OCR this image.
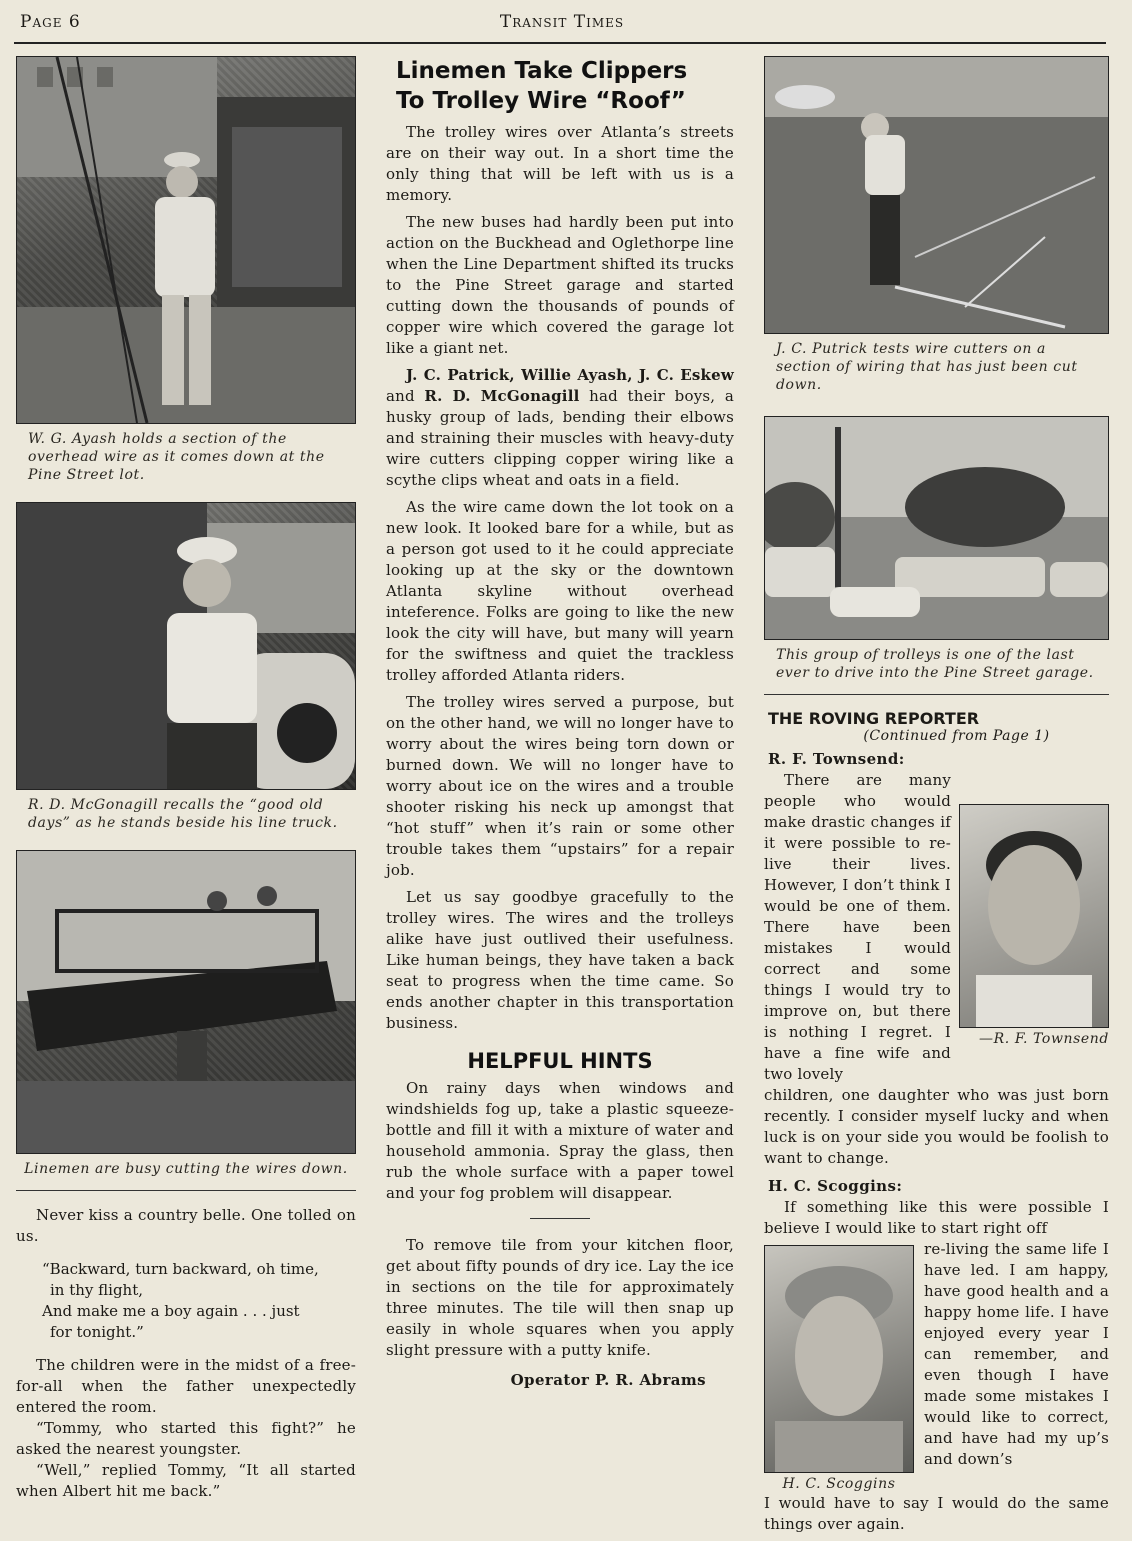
Page 6	Transit Times
W. G. Ayash holds a section of the overhead wire as it comes down at the Pine Street lot.
R. D. McGonagill recalls the “good old days” as he stands beside his line truck.
Linemen are busy cutting the wires down.

Never kiss a country belle. One tolled on us.

“Backward, turn backward, oh time,
in thy flight,
And make me a boy again . . . just
for tonight.”

The children were in the midst of a free-for-all when the father unexpectedly entered the room.

“Tommy, who started this fight?” he asked the nearest youngster.

“Well,” replied Tommy, “It all started when Albert hit me back.”

Linemen Take Clippers
To Trolley Wire “Roof”

The trolley wires over Atlanta’s streets are on their way out. In a short time the only thing that will be left with us is a memory.

The new buses had hardly been put into action on the Buckhead and Oglethorpe line when the Line Department shifted its trucks to the Pine Street garage and started cutting down the thousands of pounds of copper wire which covered the garage lot like a giant net.

J. C. Patrick, Willie Ayash, J. C. Eskew and R. D. McGonagill had their boys, a husky group of lads, bending their elbows and straining their muscles with heavy-duty wire cutters clipping copper wiring like a scythe clips wheat and oats in a field.

As the wire came down the lot took on a new look. It looked bare for a while, but as a person got used to it he could appreciate looking up at the sky or the downtown Atlanta skyline without overhead inteference. Folks are going to like the new look the city will have, but many will yearn for the swiftness and quiet the trackless trolley afforded Atlanta riders.

The trolley wires served a purpose, but on the other hand, we will no longer have to worry about the wires being torn down or burned down. We will no longer have to worry about ice on the wires and a trouble shooter risking his neck up amongst that “hot stuff” when it’s rain or some other trouble takes them “upstairs” for a repair job.

Let us say goodbye gracefully to the trolley wires. The wires and the trolleys alike have just outlived their usefulness. Like human beings, they have taken a back seat to progress when the time came. So ends another chapter in this transportation business.

HELPFUL HINTS

On rainy days when windows and windshields fog up, take a plastic squeeze-bottle and fill it with a mixture of water and household ammonia. Spray the glass, then rub the whole surface with a paper towel and your fog problem will disappear.

To remove tile from your kitchen floor, get about fifty pounds of dry ice. Lay the ice in sections on the tile for approximately three minutes. The tile will then snap up easily in whole squares when you apply slight pressure with a putty knife.

Operator P. R. Abrams
J. C. Putrick tests wire cutters on a section of wiring that has just been cut down.
This group of trolleys is one of the last ever to drive into the Pine Street garage.
THE ROVING REPORTER
(Continued from Page 1)
R. F. Townsend:
—R. F. Townsend

There are many people who would make drastic changes if it were possible to re-live their lives. However, I don’t think I would be one of them. There have been mistakes I would correct and some things I would try to improve on, but there is nothing I regret. I have a fine wife and two lovely

children, one daughter who was just born recently. I consider myself lucky and when luck is on your side you would be foolish to want to change.

H. C. Scoggins:

If something like this were possible I believe I would like to start right off

H. C. Scoggins

re-living the same life I have led. I am happy, have good health and a happy home life. I have enjoyed every year I can remember, and even though I have made some mistakes I would like to correct, and have had my up’s and down’s

I would have to say I would do the same things over again.
